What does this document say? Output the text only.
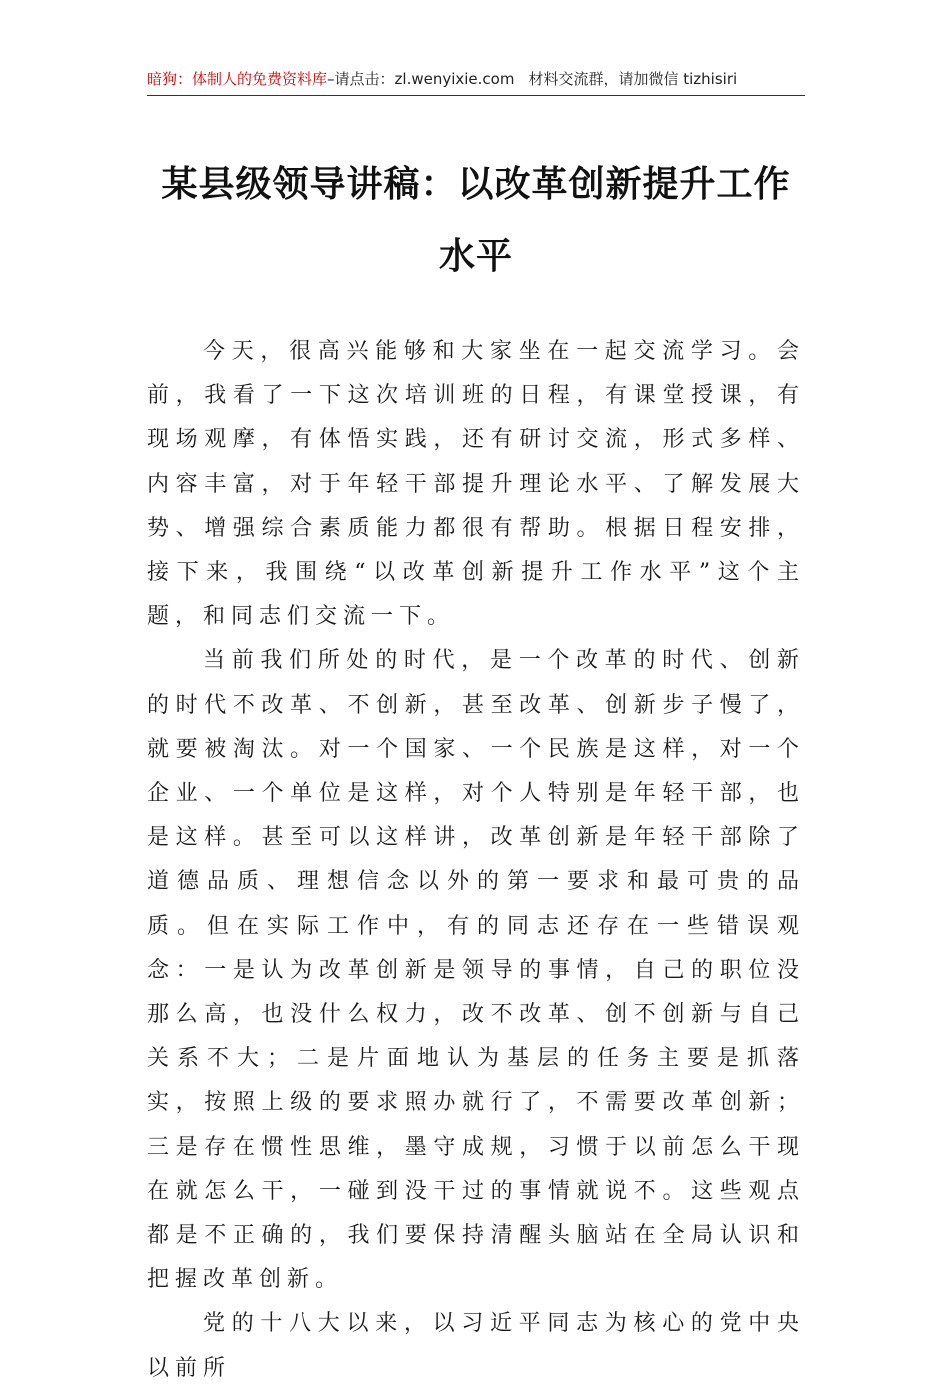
暗狗：体制人的免费资料库–请点击：zl.wenyixie.com 材料交流群，请加微信 tizhisiri
某县级领导讲稿：以改革创新提升工作水平

今天，很高兴能够和大家坐在一起交流学习。会前，我看了一下这次培训班的日程，有课堂授课，有现场观摩，有体悟实践，还有研讨交流，形式多样、内容丰富，对于年轻干部提升理论水平、了解发展大势、增强综合素质能力都很有帮助。根据日程安排，接下来，我围绕“以改革创新提升工作水平”这个主题，和同志们交流一下。

当前我们所处的时代，是一个改革的时代、创新的时代不改革、不创新，甚至改革、创新步子慢了，就要被淘汰。对一个国家、一个民族是这样，对一个企业、一个单位是这样，对个人特别是年轻干部，也是这样。甚至可以这样讲，改革创新是年轻干部除了道德品质、理想信念以外的第一要求和最可贵的品质。但在实际工作中，有的同志还存在一些错误观念：一是认为改革创新是领导的事情，自己的职位没那么高，也没什么权力，改不改革、创不创新与自己关系不大；二是片面地认为基层的任务主要是抓落实，按照上级的要求照办就行了，不需要改革创新；三是存在惯性思维，墨守成规，习惯于以前怎么干现在就怎么干，一碰到没干过的事情就说不。这些观点都是不正确的，我们要保持清醒头脑站在全局认识和把握改革创新。

党的十八大以来，以习近平同志为核心的党中央以前所
